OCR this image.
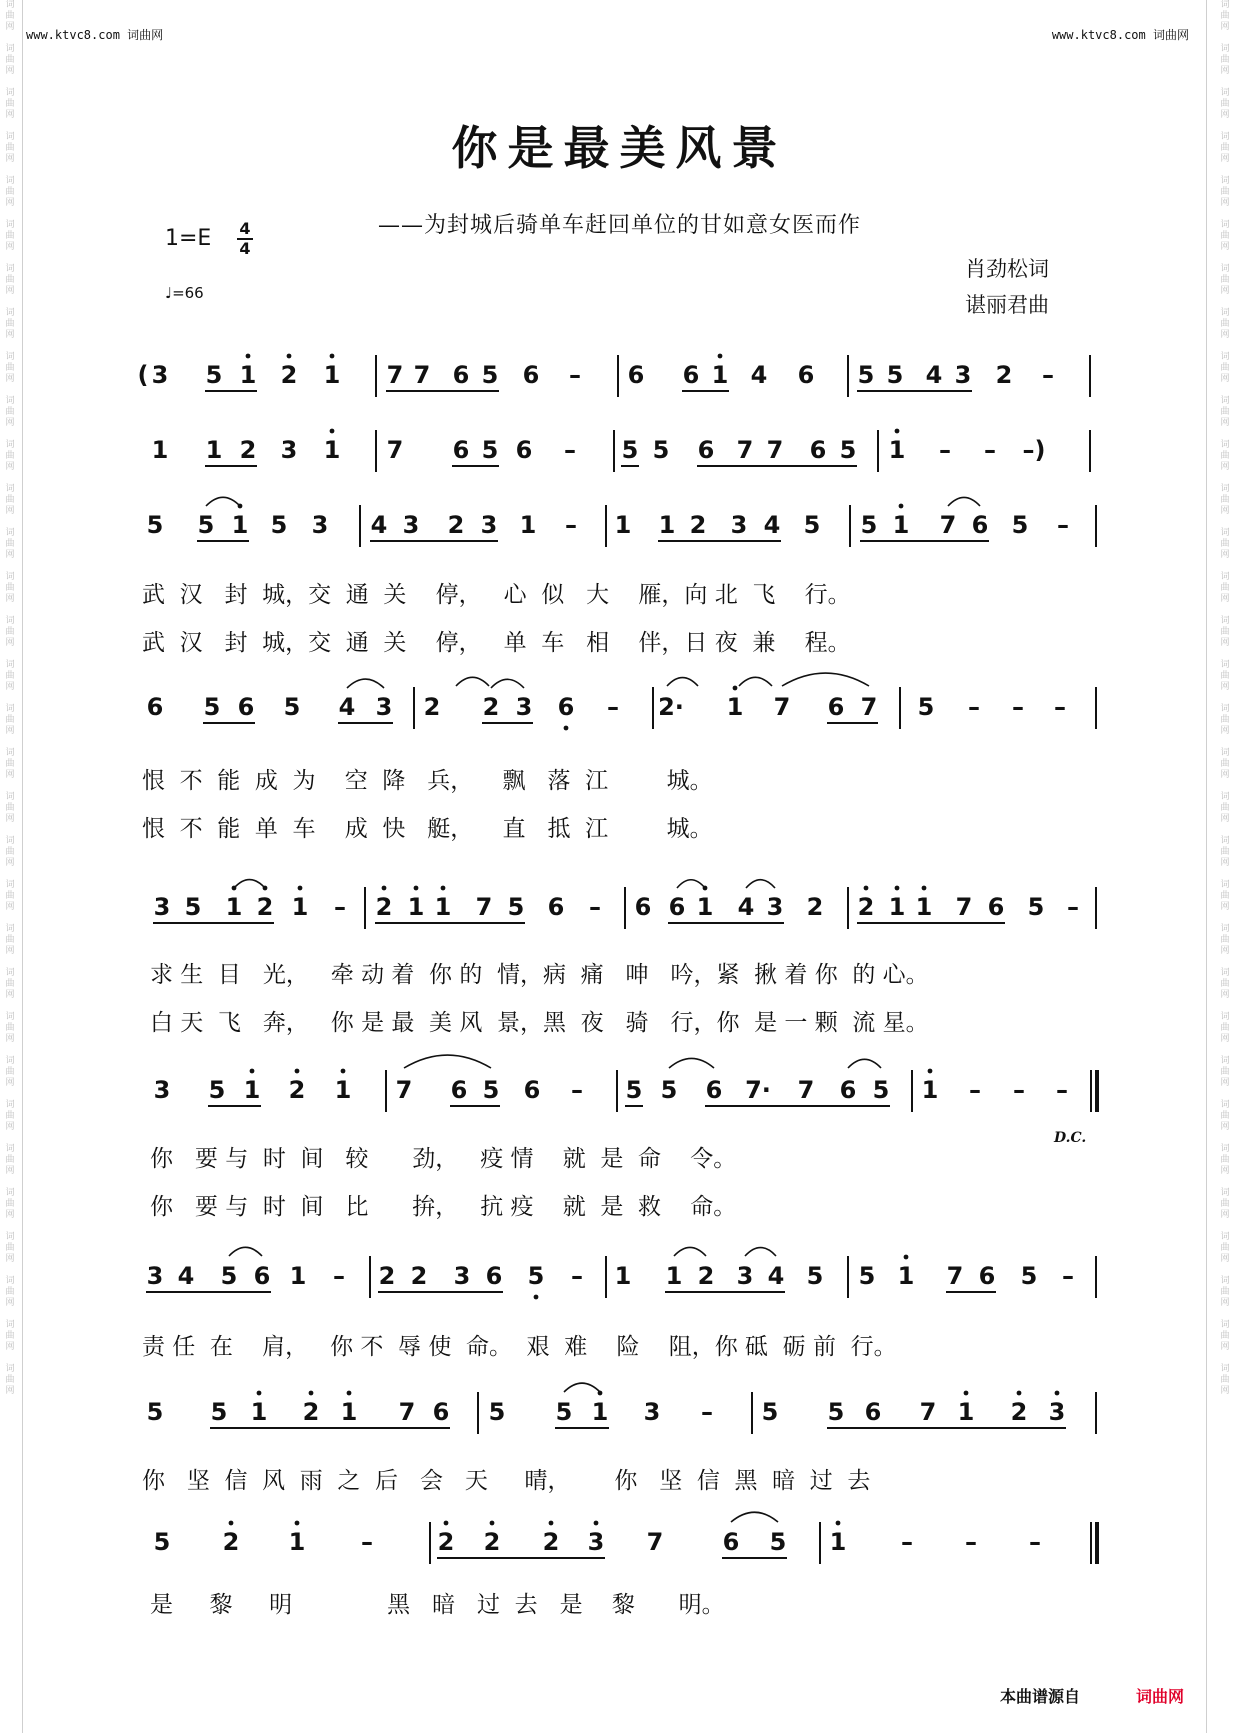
词
曲
网

词
曲
网

词
曲
网

词
曲
网

词
曲
网

词
曲
网

词
曲
网

词
曲
网

词
曲
网

词
曲
网

词
曲
网

词
曲
网

词
曲
网

词
曲
网

词
曲
网

词
曲
网

词
曲
网

词
曲
网

词
曲
网

词
曲
网

词
曲
网

词
曲
网

词
曲
网

词
曲
网

词
曲
网

词
曲
网

词
曲
网

词
曲
网

词
曲
网

词
曲
网

词
曲
网

词
曲
网

词
曲
网

词
曲
网

词
曲
网

词
曲
网

词
曲
网

词
曲
网

词
曲
网

词
曲
网

词
曲
网

词
曲
网

词
曲
网

词
曲
网

词
曲
网

词
曲
网

词
曲
网

词
曲
网

词
曲
网

词
曲
网

词
曲
网

词
曲
网

词
曲
网

词
曲
网

词
曲
网

词
曲
网

词
曲
网

词
曲
网

词
曲
网

词
曲
网

词
曲
网

词
曲
网

词
曲
网

词
曲
网

www.ktvc8.com 词曲网	www.ktvc8.com 词曲网
你是最美风景
——为封城后骑单车赶回单位的甘如意女医而作
1=E 4
4
♩=66
肖劲松词
谌丽君曲
( 3 5 1 2 1 7 7 6 5 6 – 6 6 1 4 6 5 5 4 3 2 –
1 1 2 3 1 7 6 5 6 – 5 5 6 7 7 6 5 1 – – –)
5 5 1 5 3 4 3 2 3 1 – 1 1 2 3 4 5 5 1 7 6 5 –
6 5 6 5 4 3 2 2 3 6 – 2· 1 7 6 7 5 – – –
3 5 1 2 1 – 2 1 1 7 5 6 – 6 6 1 4 3 2 2 1 1 7 6 5 –
3 5 1 2 1 7 6 5 6 – 5 5 6 7· 7 6 5 1 – – –
3 4 5 6 1 – 2 2 3 6 5 – 1 1 2 3 4 5 5 1 7 6 5 –
5 5 1 2 1 7 6 5 5 1 3 – 5 5 6 7 1 2 3
5 2 1 –	2 2 2 3 7 6 5 1 – – –
武  汉   封  城，交  通  关    停，   心  似   大    雁，向 北  飞    行。
武  汉   封  城，交  通  关    停，   单  车   相    伴，日 夜  兼    程。
恨  不  能  成  为    空  降   兵，    飘   落  江        城。
恨  不  能  单  车    成  快   艇，    直   抵  江        城。
求 生  目   光，   牵 动 着  你 的  情，病  痛   呻   吟，紧  揪 着 你  的 心。
白 天  飞   奔，   你 是 最  美 风  景，黑  夜   骑   行，你  是 一 颗  流 星。
你   要 与  时  间   较      劲，   疫 情    就  是  命    令。
你   要 与  时  间   比      拚，   抗 疫    就  是  救    命。
责 任  在    肩，   你 不  辱 使  命。  艰  难    险    阻，你 砥  砺 前  行。
你   坚  信  风  雨  之  后   会   天     晴，      你   坚  信  黑  暗  过  去
是     黎     明             黑   暗   过  去   是    黎      明。
D.C.
本曲谱源自	词曲网
